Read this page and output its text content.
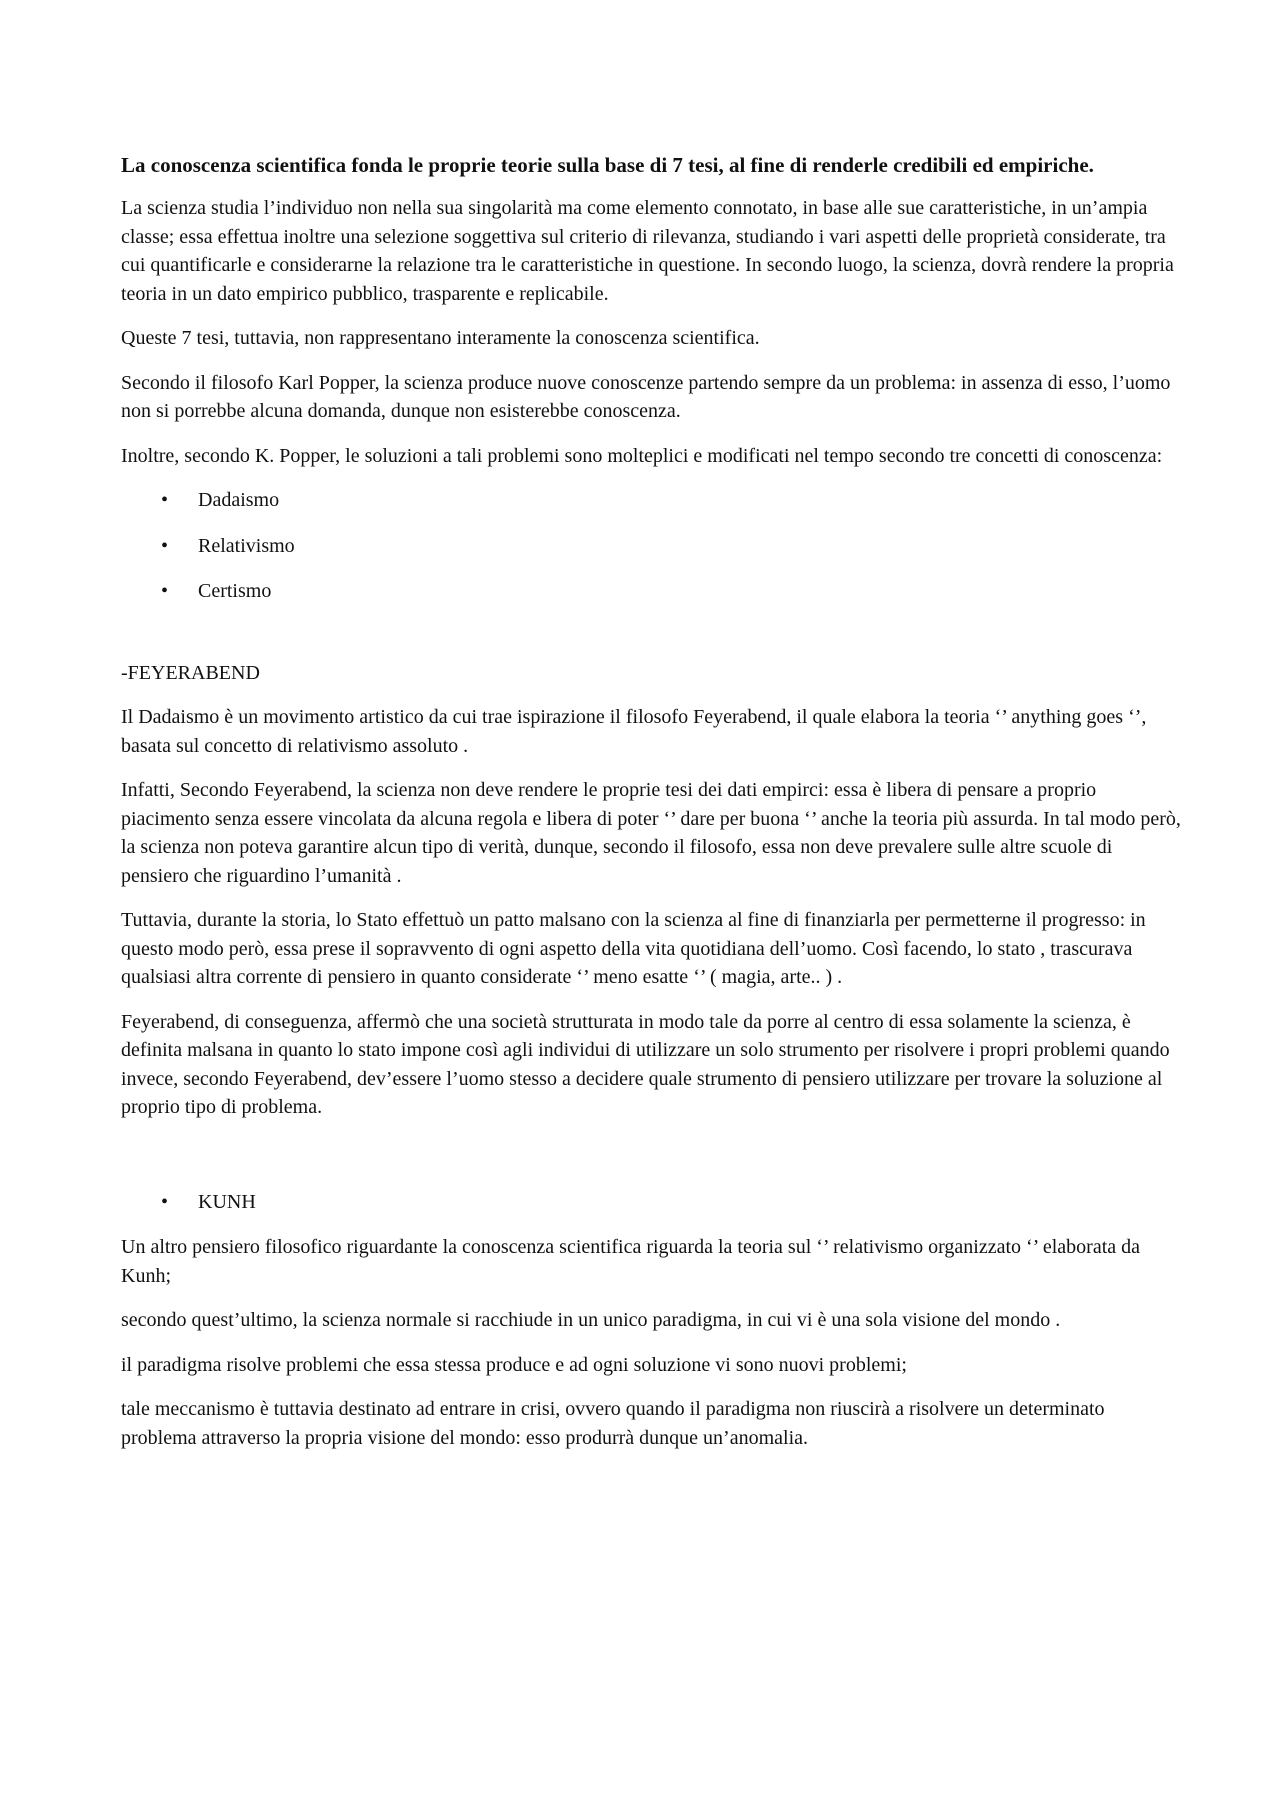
La conoscenza scientifica fonda le proprie teorie sulla base di 7 tesi, al fine di renderle credibili ed empiriche.

La scienza studia l’individuo non nella sua singolarità ma come elemento connotato, in base alle sue caratteristiche, in un’ampia classe; essa effettua inoltre una selezione soggettiva sul criterio di rilevanza, studiando i vari aspetti delle proprietà considerate, tra cui quantificarle e considerarne la relazione tra le caratteristiche in questione. In secondo luogo, la scienza, dovrà rendere la propria teoria in un dato empirico pubblico, trasparente e replicabile.

Queste 7 tesi, tuttavia, non rappresentano interamente la conoscenza scientifica.

Secondo il filosofo Karl Popper, la scienza produce nuove conoscenze partendo sempre da un problema: in assenza di esso, l’uomo non si porrebbe alcuna domanda, dunque non esisterebbe conoscenza.

Inoltre, secondo K. Popper, le soluzioni a tali problemi sono molteplici e modificati nel tempo secondo tre concetti di conoscenza:

• Dadaismo
• Relativismo
• Certismo

-FEYERABEND

Il Dadaismo è un movimento artistico da cui trae ispirazione il filosofo Feyerabend, il quale elabora la teoria ‘’ anything goes ‘’, basata sul concetto di relativismo assoluto .

Infatti, Secondo Feyerabend, la scienza non deve rendere le proprie tesi dei dati empirci: essa è libera di pensare a proprio piacimento senza essere vincolata da alcuna regola e libera di poter ‘’ dare per buona ‘’ anche la teoria più assurda. In tal modo però, la scienza non poteva garantire alcun tipo di verità, dunque, secondo il filosofo, essa non deve prevalere sulle altre scuole di pensiero che riguardino l’umanità .

Tuttavia, durante la storia, lo Stato effettuò un patto malsano con la scienza al fine di finanziarla per permetterne il progresso: in questo modo però, essa prese il sopravvento di ogni aspetto della vita quotidiana dell’uomo. Così facendo, lo stato , trascurava qualsiasi altra corrente di pensiero in quanto considerate ‘’ meno esatte ‘’ ( magia, arte.. ) .

Feyerabend, di conseguenza, affermò che una società strutturata in modo tale da porre al centro di essa solamente la scienza, è definita malsana in quanto lo stato impone così agli individui di utilizzare un solo strumento per risolvere i propri problemi quando invece, secondo Feyerabend, dev’essere l’uomo stesso a decidere quale strumento di pensiero utilizzare per trovare la soluzione al proprio tipo di problema.

• KUNH

Un altro pensiero filosofico riguardante la conoscenza scientifica riguarda la teoria sul ‘’ relativismo organizzato ‘’ elaborata da Kunh;

secondo quest’ultimo, la scienza normale si racchiude in un unico paradigma, in cui vi è una sola visione del mondo .

il paradigma risolve problemi che essa stessa produce e ad ogni soluzione vi sono nuovi problemi;

tale meccanismo è tuttavia destinato ad entrare in crisi, ovvero quando il paradigma non riuscirà a risolvere un determinato problema attraverso la propria visione del mondo: esso produrrà dunque un’anomalia.
